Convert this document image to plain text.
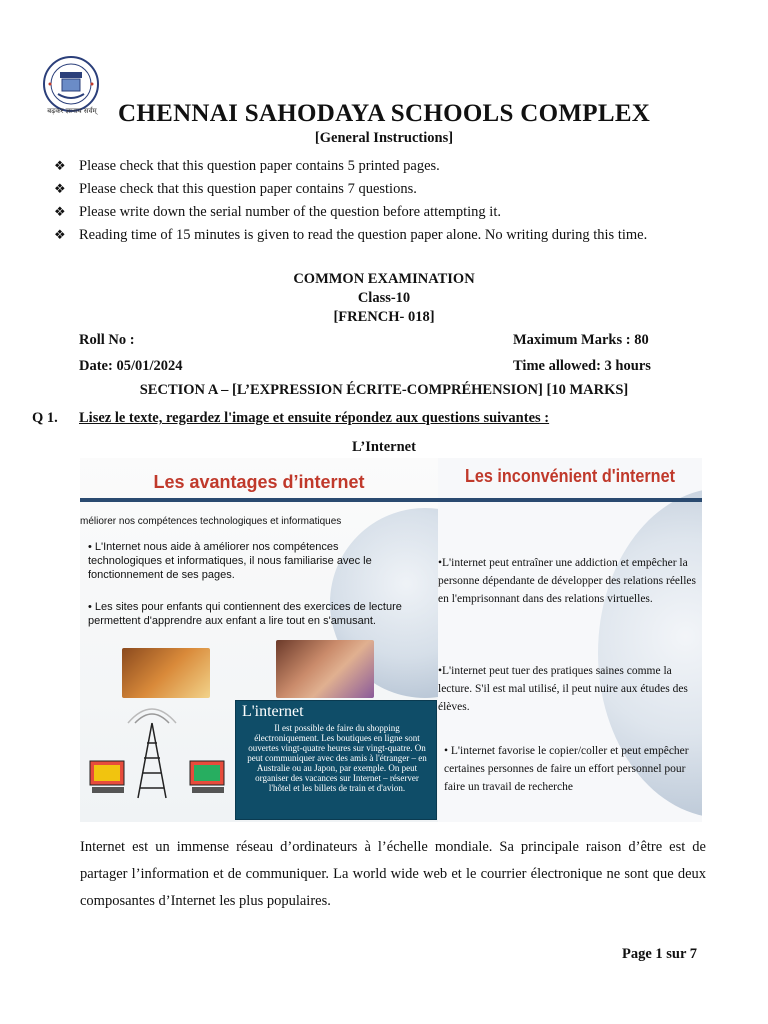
बढ़कर ज्ञानाय सर्वम् CHENNAI SAHODAYA SCHOOLS COMPLEX
[General Instructions]
❖ Please check that this question paper contains 5 printed pages.
❖ Please check that this question paper contains 7 questions.
❖ Please write down the serial number of the question before attempting it.
❖ Reading time of 15 minutes is given to read the question paper alone. No writing during this time.
COMMON EXAMINATION
Class-10
[FRENCH- 018]
Roll No :	Maximum Marks : 80
Date: 05/01/2024	Time allowed: 3 hours
SECTION A – [L’EXPRESSION ÉCRITE-COMPRÉHENSION] [10 MARKS]
Q 1. Lisez le texte, regardez l'image et ensuite répondez aux questions suivantes :
L’Internet
Les avantages d’internet
méliorer nos compétences technologiques et informatiques
• L'Internet nous aide à améliorer nos compétences technologiques et informatiques, il nous familiarise avec le fonctionnement de ses pages.
• Les sites pour enfants qui contiennent des exercices de lecture permettent d'apprendre aux enfant a lire tout en s'amusant.
L'internet
Il est possible de faire du shopping électroniquement. Les boutiques en ligne sont ouvertes vingt-quatre heures sur vingt-quatre. On peut communiquer avec des amis à l'étranger – en Australie ou au Japon, par exemple. On peut organiser des vacances sur Internet – réserver l'hôtel et les billets de train et d'avion.
Les inconvénient d'internet
•L'internet peut entraîner une addiction et empêcher la personne dépendante de développer des relations réelles en l'emprisonnant dans des relations virtuelles.
•L'internet peut tuer des pratiques saines comme la lecture. S'il est mal utilisé, il peut nuire aux études des élèves.
• L'internet favorise le copier/coller et peut empêcher certaines personnes de faire un effort personnel pour faire un travail de recherche
Internet est un immense réseau d’ordinateurs à l’échelle mondiale. Sa principale raison d’être est de partager l’information et de communiquer. La world wide web et le courrier électronique ne sont que deux composantes d’Internet les plus populaires.
Page 1 sur 7
